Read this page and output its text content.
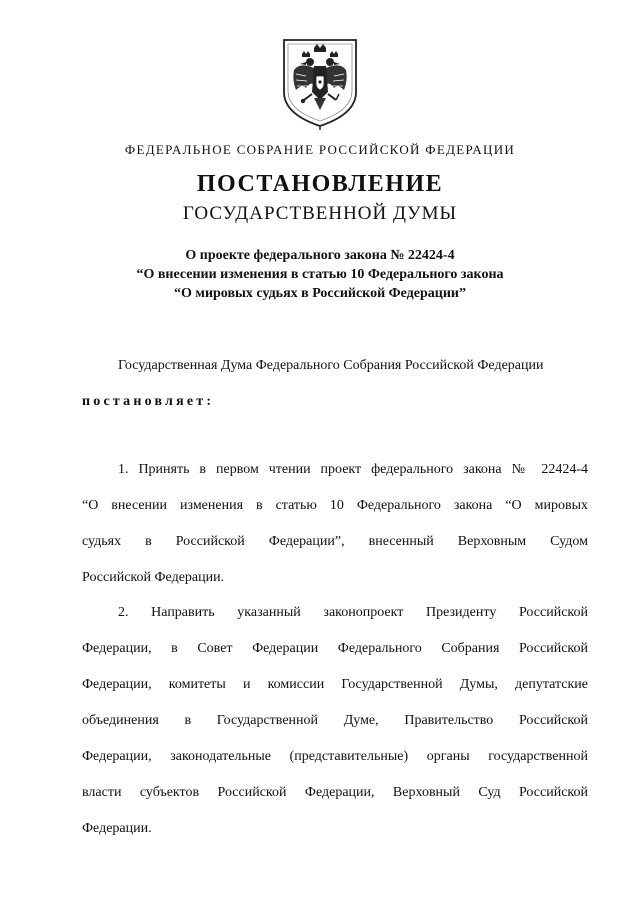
ФЕДЕРАЛЬНОЕ СОБРАНИЕ РОССИЙСКОЙ ФЕДЕРАЦИИ
ПОСТАНОВЛЕНИЕ
ГОСУДАРСТВЕННОЙ ДУМЫ
О проекте федерального закона № 22424-4
“О внесении изменения в статью 10 Федерального закона
“О мировых судьях в Российской Федерации”
Государственная Дума Федерального Собрания Российской Федерации
постановляет:
1. Принять в первом чтении проект федерального закона № 22424-4
“О внесении изменения в статью 10 Федерального закона “О мировых
судьях в Российской Федерации”, внесенный Верховным Судом
Российской Федерации.
2. Направить указанный законопроект Президенту Российской
Федерации, в Совет Федерации Федерального Собрания Российской
Федерации, комитеты и комиссии Государственной Думы, депутатские
объединения в Государственной Думе, Правительство Российской
Федерации, законодательные (представительные) органы государственной
власти субъектов Российской Федерации, Верховный Суд Российской
Федерации.
